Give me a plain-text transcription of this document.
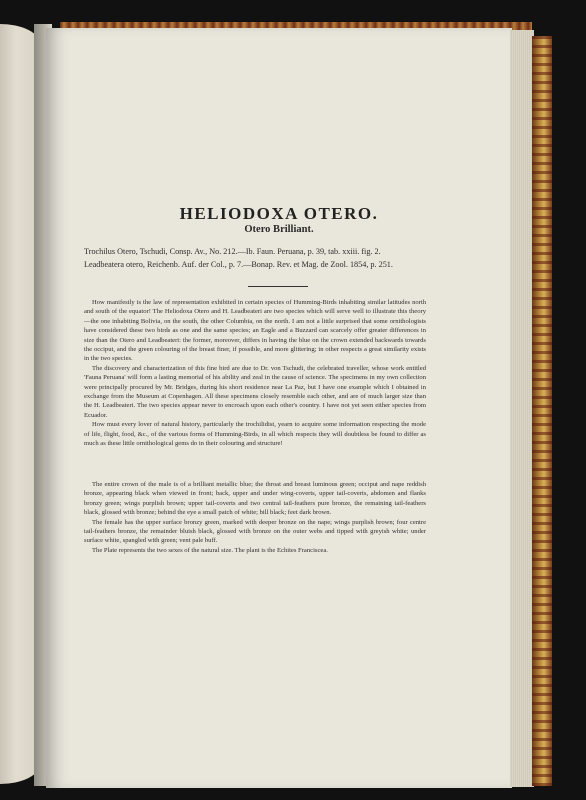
HELIODOXA OTERO.
Otero Brilliant.
Trochilus Otero, Tschudi, Consp. Av., No. 212.—Ib. Faun. Peruana, p. 39, tab. xxiii. fig. 2.
Leadbeatera otero, Reichenb. Auf. der Col., p. 7.—Bonap. Rev. et Mag. de Zool. 1854, p. 251.

How manifestly is the law of representation exhibited in certain species of Humming-Birds inhabiting similar latitudes north and south of the equator! The Heliodoxa Otero and H. Leadbeateri are two species which will serve well to illustrate this theory—the one inhabiting Bolivia, on the south, the other Columbia, on the north. I am not a little surprised that some ornithologists have considered these two birds as one and the same species; an Eagle and a Buzzard can scarcely offer greater differences in size than the Otero and Leadbeateri: the former, moreover, differs in having the blue on the crown extended backwards towards the occiput, and the green colouring of the breast finer, if possible, and more glittering; in other respects a great similarity exists in the two species.

The discovery and characterization of this fine bird are due to Dr. von Tschudi, the celebrated traveller, whose work entitled 'Fauna Peruana' will form a lasting memorial of his ability and zeal in the cause of science. The specimens in my own collection were principally procured by Mr. Bridges, during his short residence near La Paz, but I have one example which I obtained in exchange from the Museum at Copenhagen. All these specimens closely resemble each other, and are of much larger size than the H. Leadbeateri. The two species appear never to encroach upon each other's country. I have not yet seen either species from Ecuador.

How must every lover of natural history, particularly the trochilidist, yearn to acquire some information respecting the mode of life, flight, food, &c., of the various forms of Humming-Birds, in all which respects they will doubtless be found to differ as much as these little ornithological gems do in their colouring and structure!

The entire crown of the male is of a brilliant metallic blue; the throat and breast luminous green; occiput and nape reddish bronze, appearing black when viewed in front; back, upper and under wing-coverts, upper tail-coverts, abdomen and flanks bronzy green; wings purplish brown; upper tail-coverts and two central tail-feathers pure bronze, the remaining tail-feathers black, glossed with bronze; behind the eye a small patch of white; bill black; feet dark brown.

The female has the upper surface bronzy green, marked with deeper bronze on the nape; wings purplish brown; four centre tail-feathers bronze, the remainder bluish black, glossed with bronze on the outer webs and tipped with greyish white; under surface white, spangled with green; vent pale buff.

The Plate represents the two sexes of the natural size. The plant is the Echites Franciscea.
